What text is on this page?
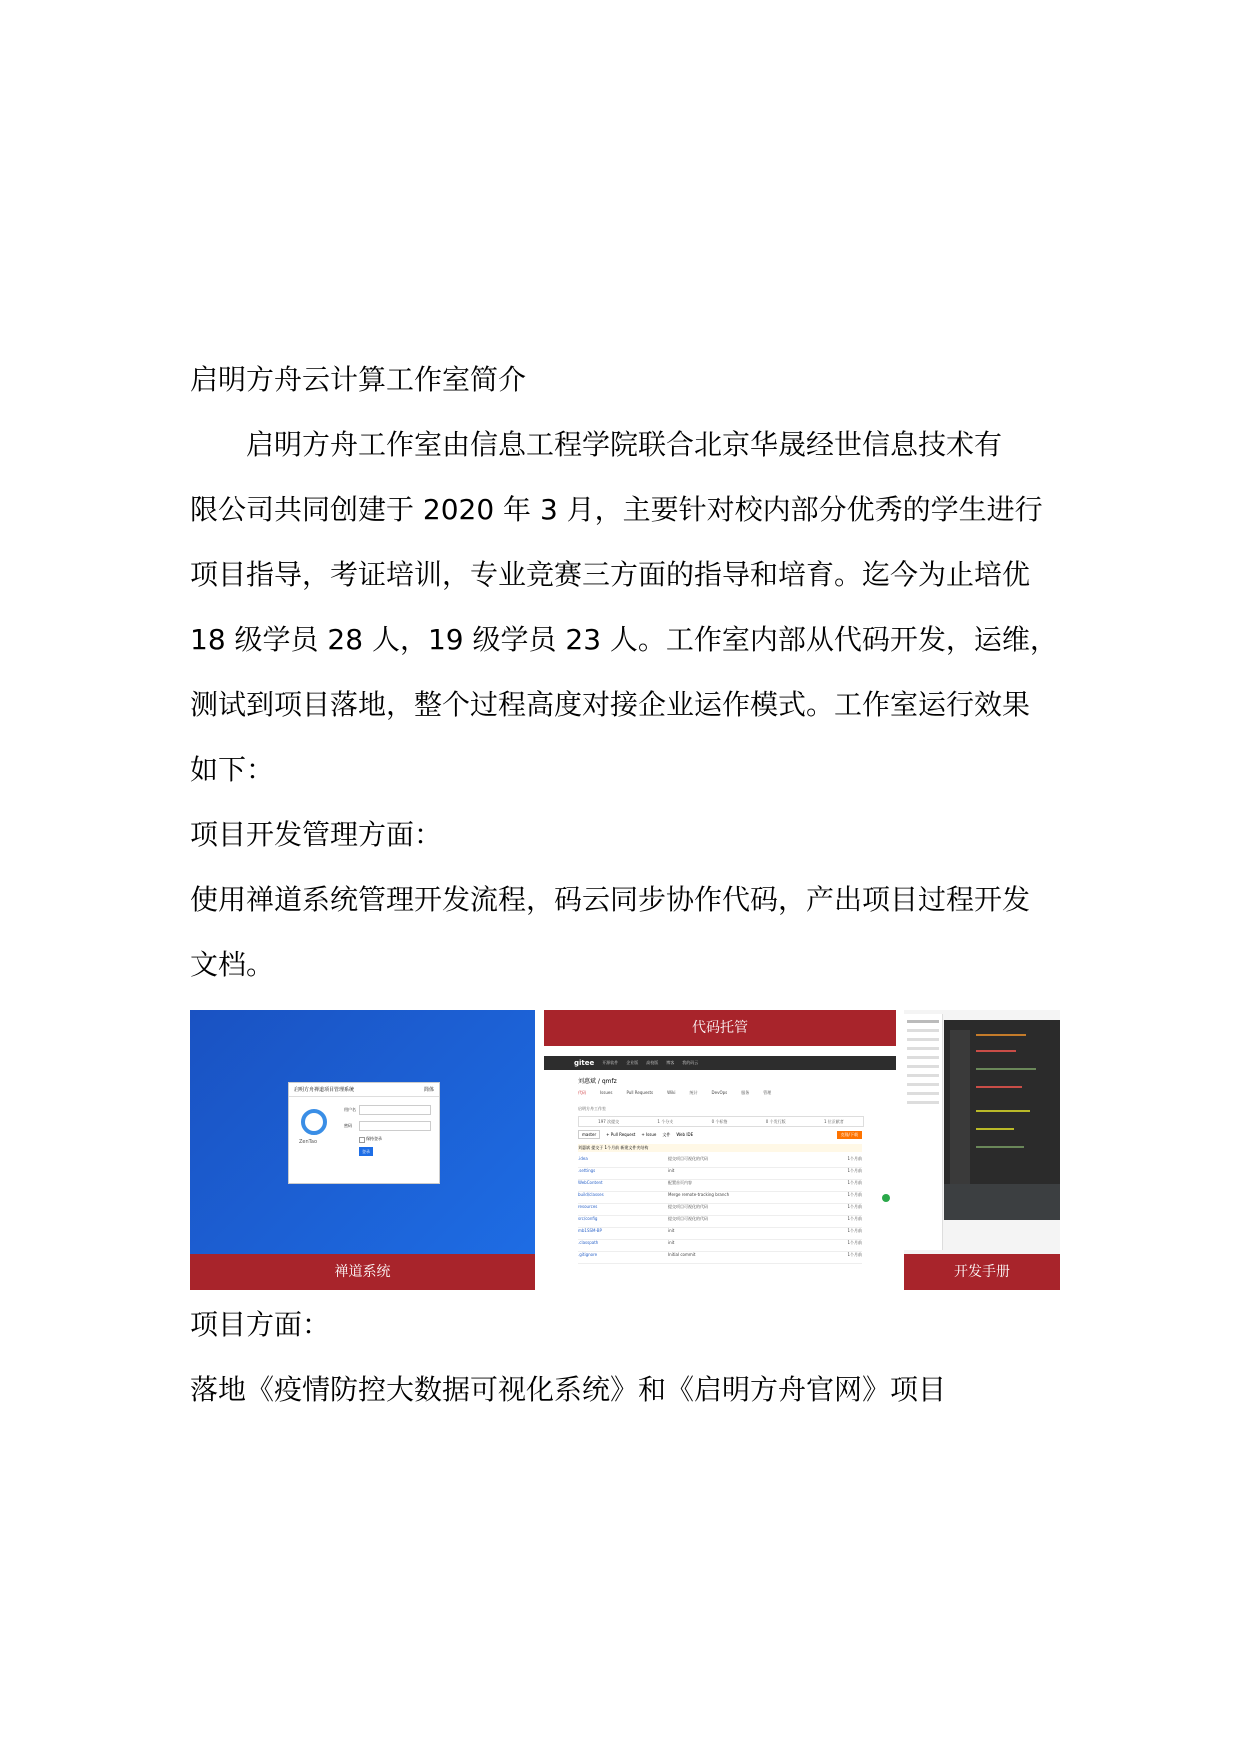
启明方舟云计算工作室简介
启明方舟工作室由信息工程学院联合北京华晟经世信息技术有
限公司共同创建于 2020 年 3 月，主要针对校内部分优秀的学生进行
项目指导，考证培训，专业竞赛三方面的指导和培育。迄今为止培优
18 级学员 28 人，19 级学员 23 人。工作室内部从代码开发，运维，
测试到项目落地，整个过程高度对接企业运作模式。工作室运行效果
如下：
项目开发管理方面：
使用禅道系统管理开发流程，码云同步协作代码，产出项目过程开发
文档。
启明方舟禅道项目管理系统	简体
ZenTao
用户名
密码
保持登录
登录
禅道系统
代码托管
gitee 开源软件 企业版 高校版 博客 我的码云
刘惠斌 / qmfz
代码	Issues	Pull Requests	Wiki	统计	DevOps	服务	管理
启明方舟工作室
197 次提交	1 个分支	0 个标签	0 个发行版	1 位贡献者
master	+ Pull Request + Issue 文件 Web IDE	克隆/下载
刘惠斌 提交于 1个月前 新建文件夹结构
.idea	提交项目可视化的代码	1个月前
.settings	init	1个月前
WebContent	配置首页内容	1个月前
build/classes	Merge remote-tracking branch	1个月前
resources	提交项目可视化的代码	1个月前
src/config	提交项目可视化的代码	1个月前
mb1SSM-BP	init	1个月前
.classpath	init	1个月前
.gitignore	Initial commit	1个月前
开发手册
项目方面：
落地《疫情防控大数据可视化系统》和《启明方舟官网》项目
